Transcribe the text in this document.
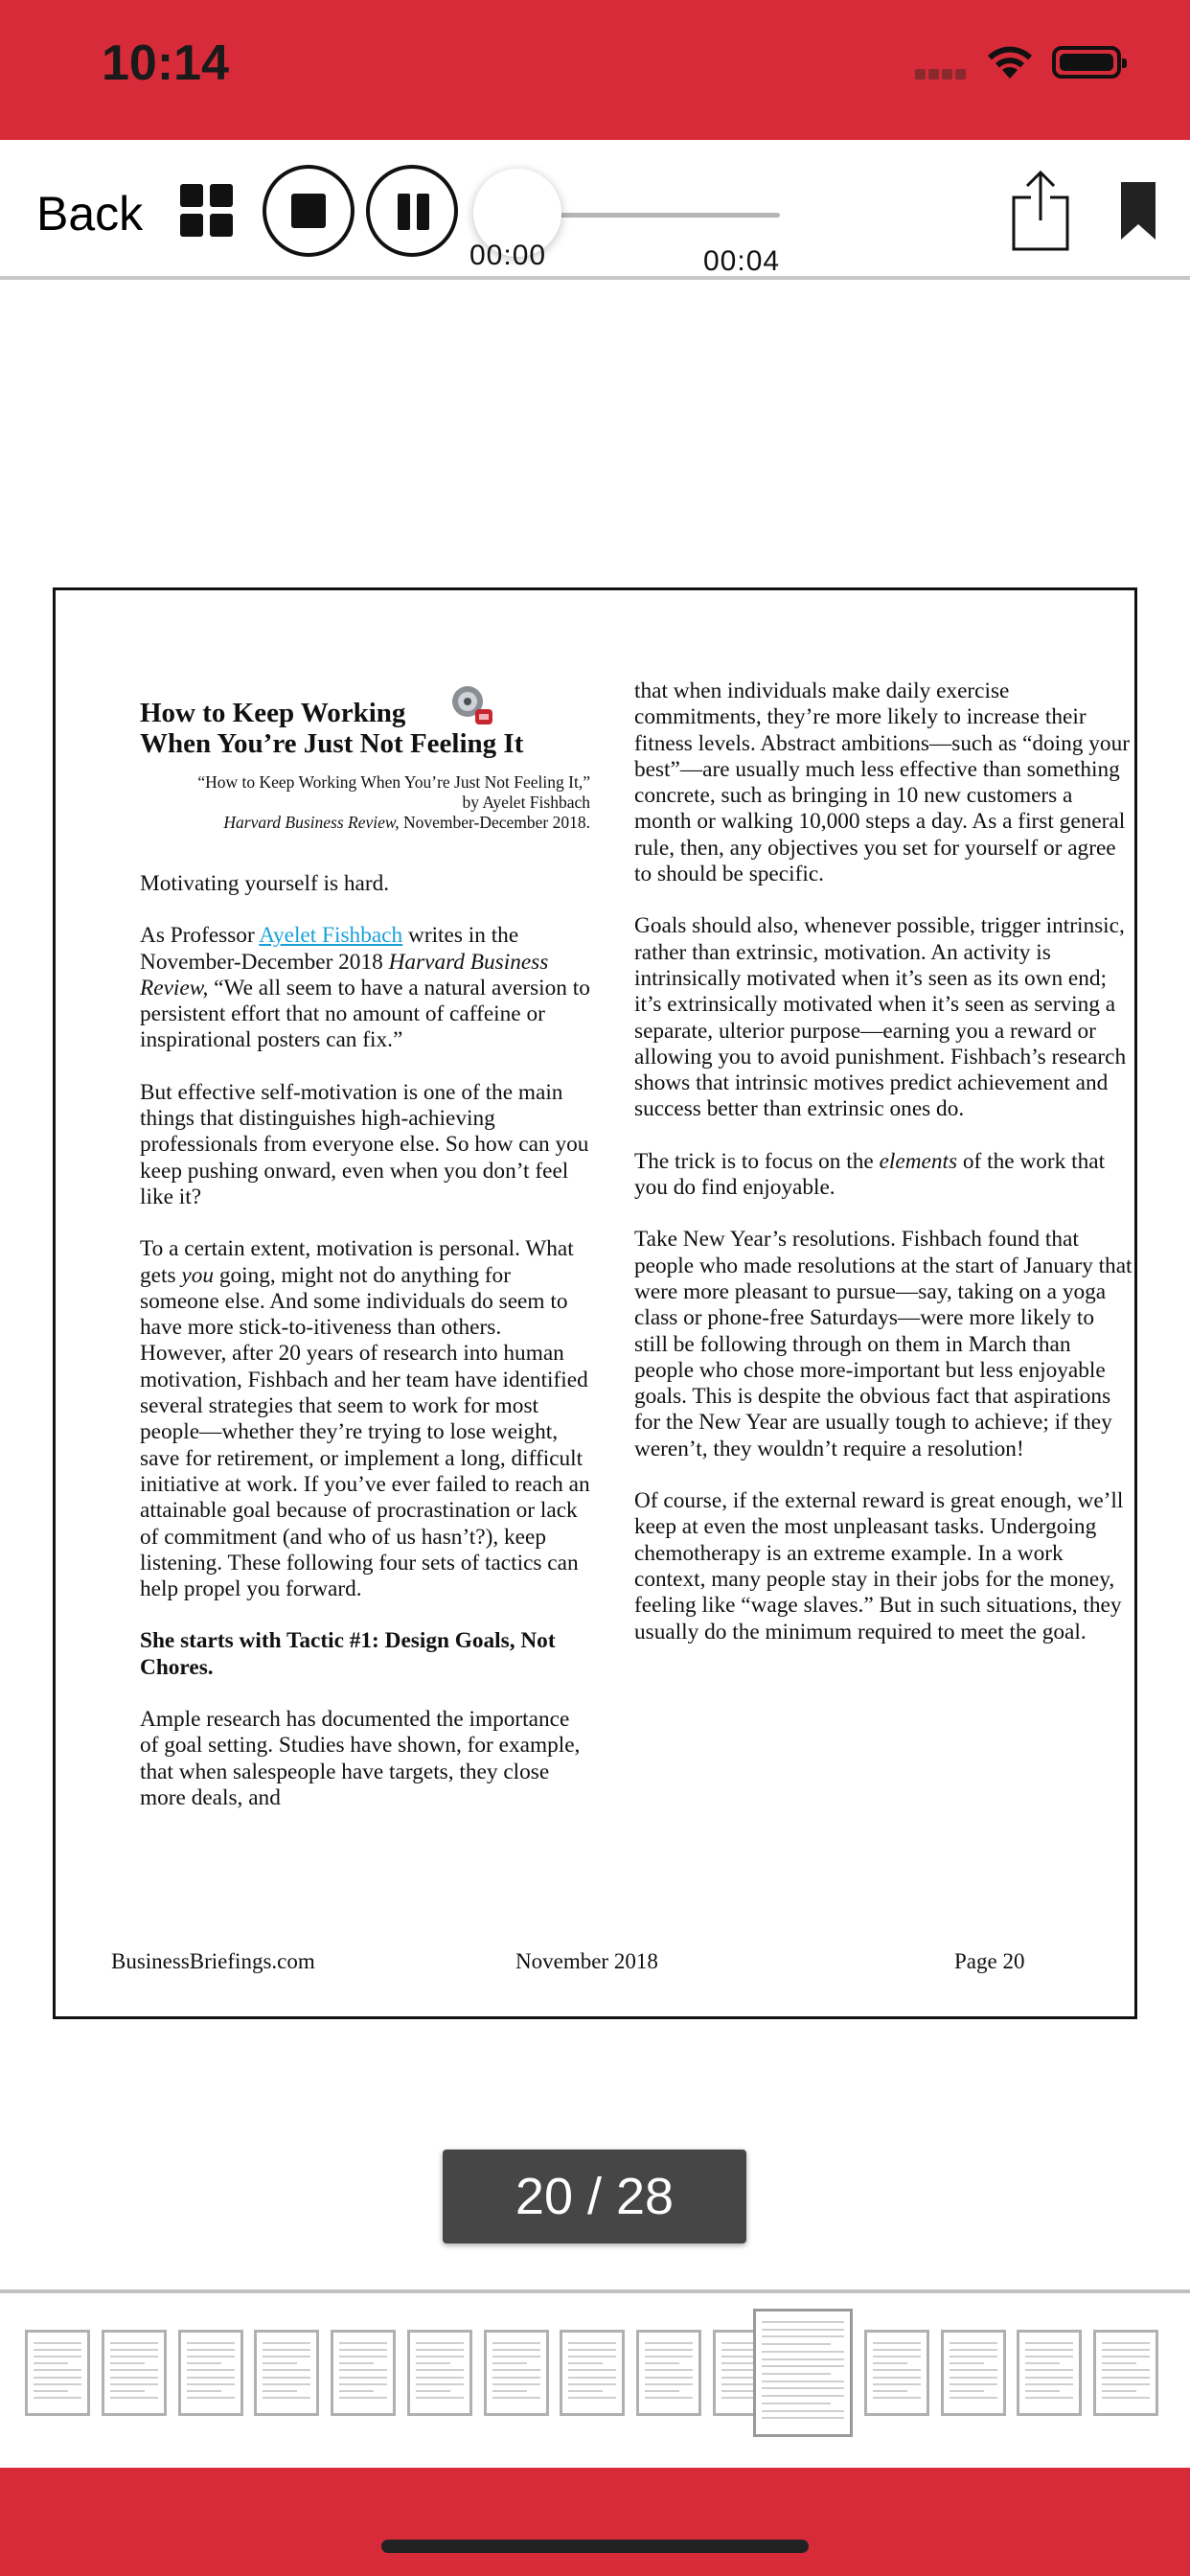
10:14
Back
00:00	00:04

How to Keep Working
When You’re Just Not Feeling It

“How to Keep Working When You’re Just Not Feeling It,”
by Ayelet Fishbach
Harvard Business Review, November-December 2018.

Motivating yourself is hard.

As Professor Ayelet Fishbach writes in the November-December 2018 Harvard Business Review, “We all seem to have a natural aversion to persistent effort that no amount of caffeine or inspirational posters can fix.”

But effective self-motivation is one of the main things that distinguishes high-achieving professionals from everyone else. So how can you keep pushing onward, even when you don’t feel like it?

To a certain extent, motivation is personal. What gets you going, might not do anything for someone else. And some individuals do seem to have more stick-to-itiveness than others. However, after 20 years of research into human motivation, Fishbach and her team have identified several strategies that seem to work for most people—whether they’re trying to lose weight, save for retirement, or implement a long, difficult initiative at work. If you’ve ever failed to reach an attainable goal because of procrastination or lack of commitment (and who of us hasn’t?), keep listening. These following four sets of tactics can help propel you forward.

She starts with Tactic #1: Design Goals, Not Chores.

Ample research has documented the importance of goal setting. Studies have shown, for example, that when salespeople have targets, they close more deals, and

that when individuals make daily exercise commitments, they’re more likely to increase their fitness levels. Abstract ambitions—such as “doing your best”—are usually much less effective than something concrete, such as bringing in 10 new customers a month or walking 10,000 steps a day. As a first general rule, then, any objectives you set for yourself or agree to should be specific.

Goals should also, whenever possible, trigger intrinsic, rather than extrinsic, motivation. An activity is intrinsically motivated when it’s seen as its own end; it’s extrinsically motivated when it’s seen as serving a separate, ulterior purpose—earning you a reward or allowing you to avoid punishment. Fishbach’s research shows that intrinsic motives predict achievement and success better than extrinsic ones do.

The trick is to focus on the elements of the work that you do find enjoyable.

Take New Year’s resolutions. Fishbach found that people who made resolutions at the start of January that were more pleasant to pursue—say, taking on a yoga class or phone-free Saturdays—were more likely to still be following through on them in March than people who chose more-important but less enjoyable goals. This is despite the obvious fact that aspirations for the New Year are usually tough to achieve; if they weren’t, they wouldn’t require a resolution!

Of course, if the external reward is great enough, we’ll keep at even the most unpleasant tasks. Undergoing chemotherapy is an extreme example. In a work context, many people stay in their jobs for the money, feeling like “wage slaves.” But in such situations, they usually do the minimum required to meet the goal.

BusinessBriefings.com	November 2018	Page 20
20 / 28
